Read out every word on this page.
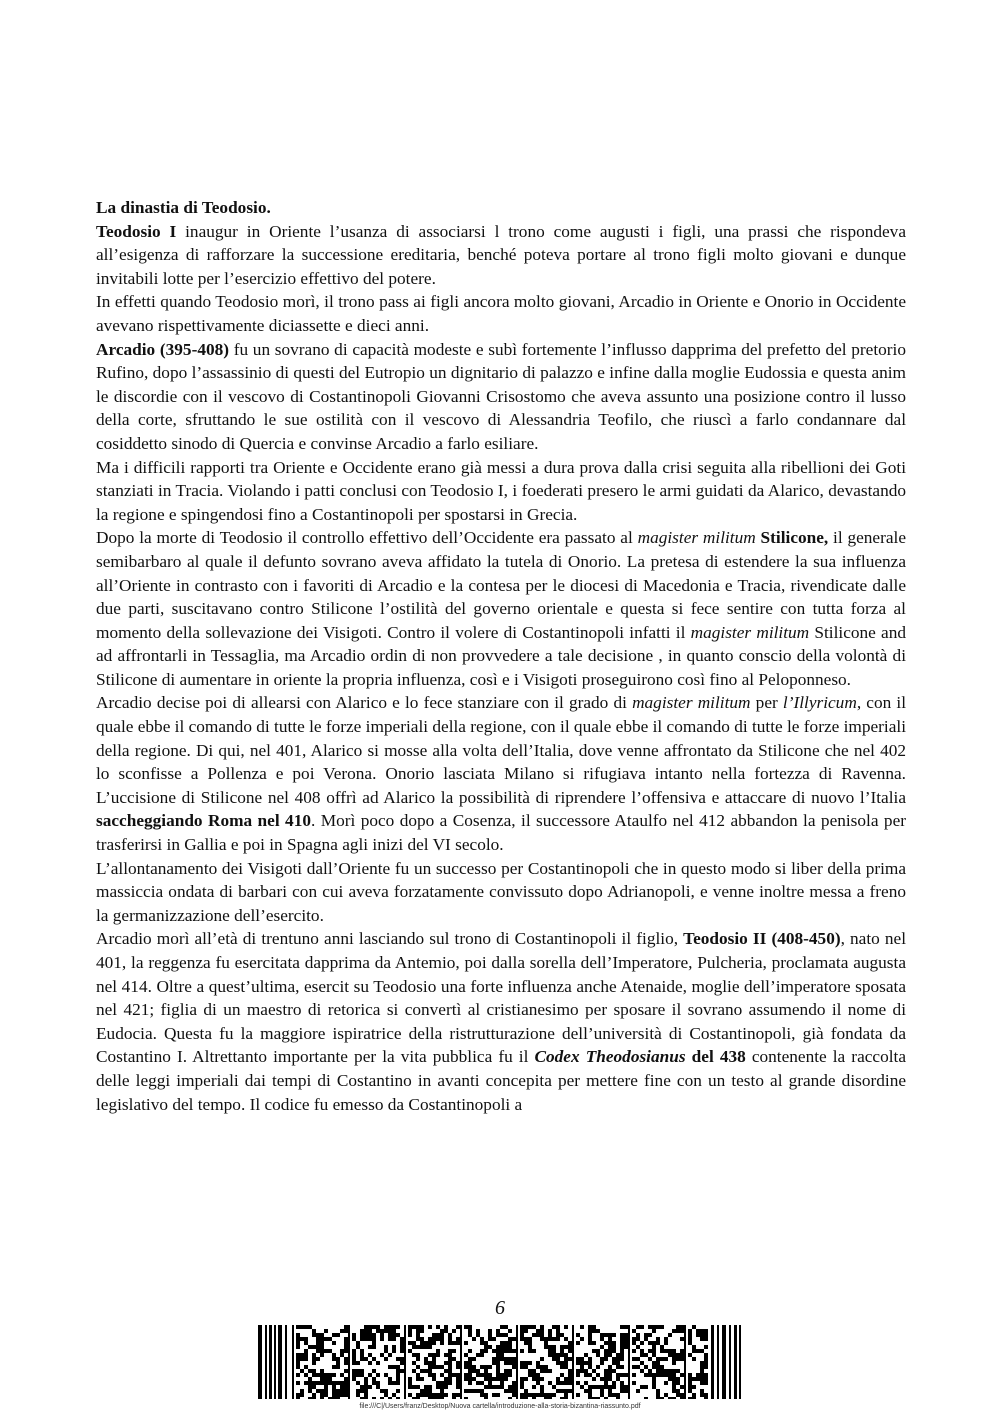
La dinastia di Teodosio.

Teodosio I inaugur in Oriente l’usanza di associarsi l trono come augusti i figli, una prassi che rispondeva all’esigenza di rafforzare la successione ereditaria, benché poteva portare al trono figli molto giovani e dunque invitabili lotte per l’esercizio effettivo del potere.

In effetti quando Teodosio morì, il trono pass ai figli ancora molto giovani, Arcadio in Oriente e Onorio in Occidente avevano rispettivamente diciassette e dieci anni.

Arcadio (395-408) fu un sovrano di capacità modeste e subì fortemente l’influsso dapprima del prefetto del pretorio Rufino, dopo l’assassinio di questi del Eutropio un dignitario di palazzo e infine dalla moglie Eudossia e questa anim le discordie con il vescovo di Costantinopoli Giovanni Crisostomo che aveva assunto una posizione contro il lusso della corte, sfruttando le sue ostilità con il vescovo di Alessandria Teofilo, che riuscì a farlo condannare dal cosiddetto sinodo di Quercia e convinse Arcadio a farlo esiliare.

Ma i difficili rapporti tra Oriente e Occidente erano già messi a dura prova dalla crisi seguita alla ribellioni dei Goti stanziati in Tracia. Violando i patti conclusi con Teodosio I, i foederati presero le armi guidati da Alarico, devastando la regione e spingendosi fino a Costantinopoli per spostarsi in Grecia.

Dopo la morte di Teodosio il controllo effettivo dell’Occidente era passato al magister militum Stilicone, il generale semibarbaro al quale il defunto sovrano aveva affidato la tutela di Onorio. La pretesa di estendere la sua influenza all’Oriente in contrasto con i favoriti di Arcadio e la contesa per le diocesi di Macedonia e Tracia, rivendicate dalle due parti, suscitavano contro Stilicone l’ostilità del governo orientale e questa si fece sentire con tutta forza al momento della sollevazione dei Visigoti. Contro il volere di Costantinopoli infatti il magister militum Stilicone and ad affrontarli in Tessaglia, ma Arcadio ordin di non provvedere a tale decisione , in quanto conscio della volontà di Stilicone di aumentare in oriente la propria influenza, così e i Visigoti proseguirono così fino al Peloponneso.

Arcadio decise poi di allearsi con Alarico e lo fece stanziare con il grado di magister militum per l’Illyricum, con il quale ebbe il comando di tutte le forze imperiali della regione, con il quale ebbe il comando di tutte le forze imperiali della regione. Di qui, nel 401, Alarico si mosse alla volta dell’Italia, dove venne affrontato da Stilicone che nel 402 lo sconfisse a Pollenza e poi Verona. Onorio lasciata Milano si rifugiava intanto nella fortezza di Ravenna. L’uccisione di Stilicone nel 408 offrì ad Alarico la possibilità di riprendere l’offensiva e attaccare di nuovo l’Italia saccheggiando Roma nel 410. Morì poco dopo a Cosenza, il successore Ataulfo nel 412 abbandon la penisola per trasferirsi in Gallia e poi in Spagna agli inizi del VI secolo.

L’allontanamento dei Visigoti dall’Oriente fu un successo per Costantinopoli che in questo modo si liber della prima massiccia ondata di barbari con cui aveva forzatamente convissuto dopo Adrianopoli, e venne inoltre messa a freno la germanizzazione dell’esercito.

Arcadio morì all’età di trentuno anni lasciando sul trono di Costantinopoli il figlio, Teodosio II (408-450), nato nel 401, la reggenza fu esercitata dapprima da Antemio, poi dalla sorella dell’Imperatore, Pulcheria, proclamata augusta nel 414. Oltre a quest’ultima, esercit su Teodosio una forte influenza anche Atenaide, moglie dell’imperatore sposata nel 421; figlia di un maestro di retorica si convertì al cristianesimo per sposare il sovrano assumendo il nome di Eudocia. Questa fu la maggiore ispiratrice della ristrutturazione dell’università di Costantinopoli, già fondata da Costantino I. Altrettanto importante per la vita pubblica fu il Codex Theodosianus del 438 contenente la raccolta delle leggi imperiali dai tempi di Costantino in avanti concepita per mettere fine con un testo al grande disordine legislativo del tempo. Il codice fu emesso da Costantinopoli a

6
file:///C|/Users/franz/Desktop/Nuova cartella/introduzione-alla-storia-bizantina-riassunto.pdf
